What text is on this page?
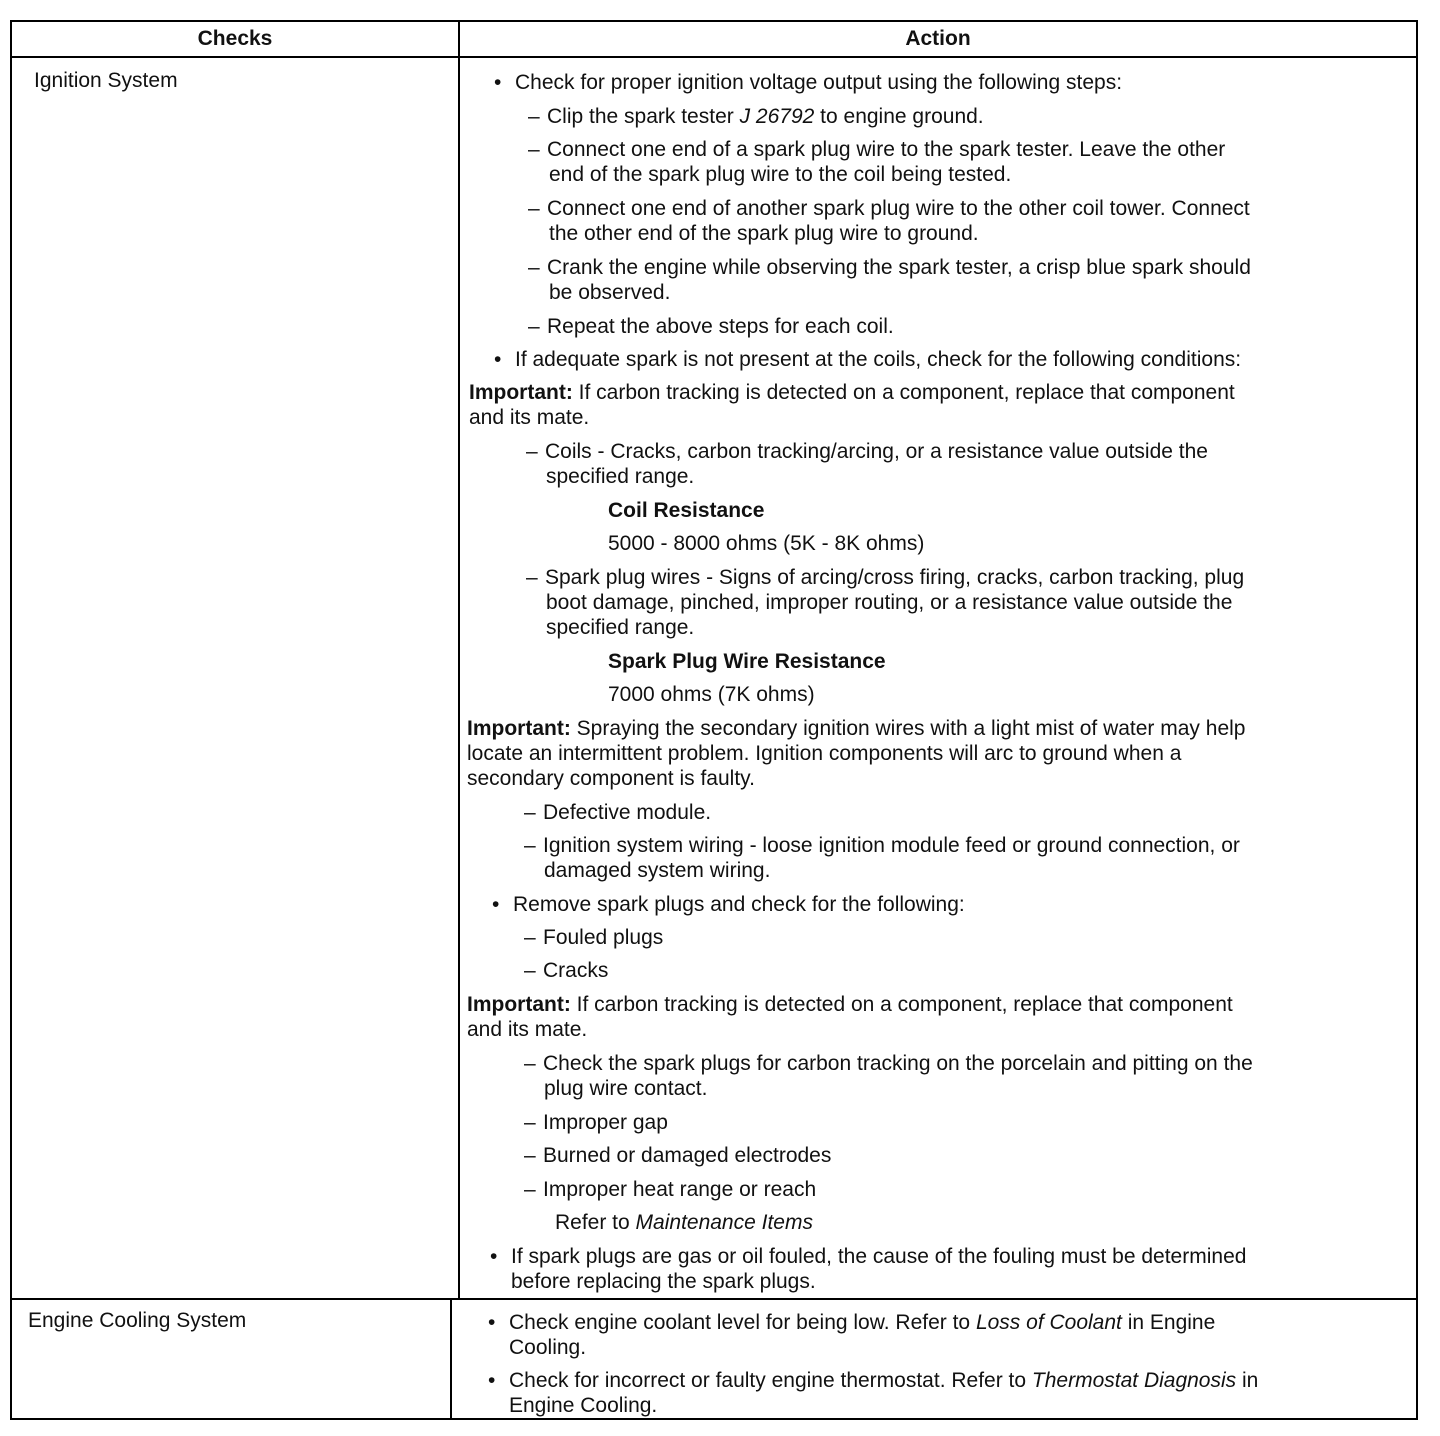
Checks	Action
Ignition System	• Check for proper ignition voltage output using the following steps:
– Clip the spark tester J 26792 to engine ground.
– Connect one end of a spark plug wire to the spark tester. Leave the other
end of the spark plug wire to the coil being tested.
– Connect one end of another spark plug wire to the other coil tower. Connect
the other end of the spark plug wire to ground.
– Crank the engine while observing the spark tester, a crisp blue spark should
be observed.
– Repeat the above steps for each coil.
• If adequate spark is not present at the coils, check for the following conditions:
Important: If carbon tracking is detected on a component, replace that component
and its mate.
– Coils - Cracks, carbon tracking/arcing, or a resistance value outside the
specified range.
Coil Resistance
5000 - 8000 ohms (5K - 8K ohms)
– Spark plug wires - Signs of arcing/cross firing, cracks, carbon tracking, plug
boot damage, pinched, improper routing, or a resistance value outside the
specified range.
Spark Plug Wire Resistance
7000 ohms (7K ohms)
Important: Spraying the secondary ignition wires with a light mist of water may help
locate an intermittent problem. Ignition components will arc to ground when a
secondary component is faulty.
– Defective module.
– Ignition system wiring - loose ignition module feed or ground connection, or
damaged system wiring.
• Remove spark plugs and check for the following:
– Fouled plugs
– Cracks
Important: If carbon tracking is detected on a component, replace that component
and its mate.
– Check the spark plugs for carbon tracking on the porcelain and pitting on the
plug wire contact.
– Improper gap
– Burned or damaged electrodes
– Improper heat range or reach
Refer to Maintenance Items
• If spark plugs are gas or oil fouled, the cause of the fouling must be determined
before replacing the spark plugs.
Engine Cooling System	• Check engine coolant level for being low. Refer to Loss of Coolant in Engine
Cooling.
• Check for incorrect or faulty engine thermostat. Refer to Thermostat Diagnosis in
Engine Cooling.
